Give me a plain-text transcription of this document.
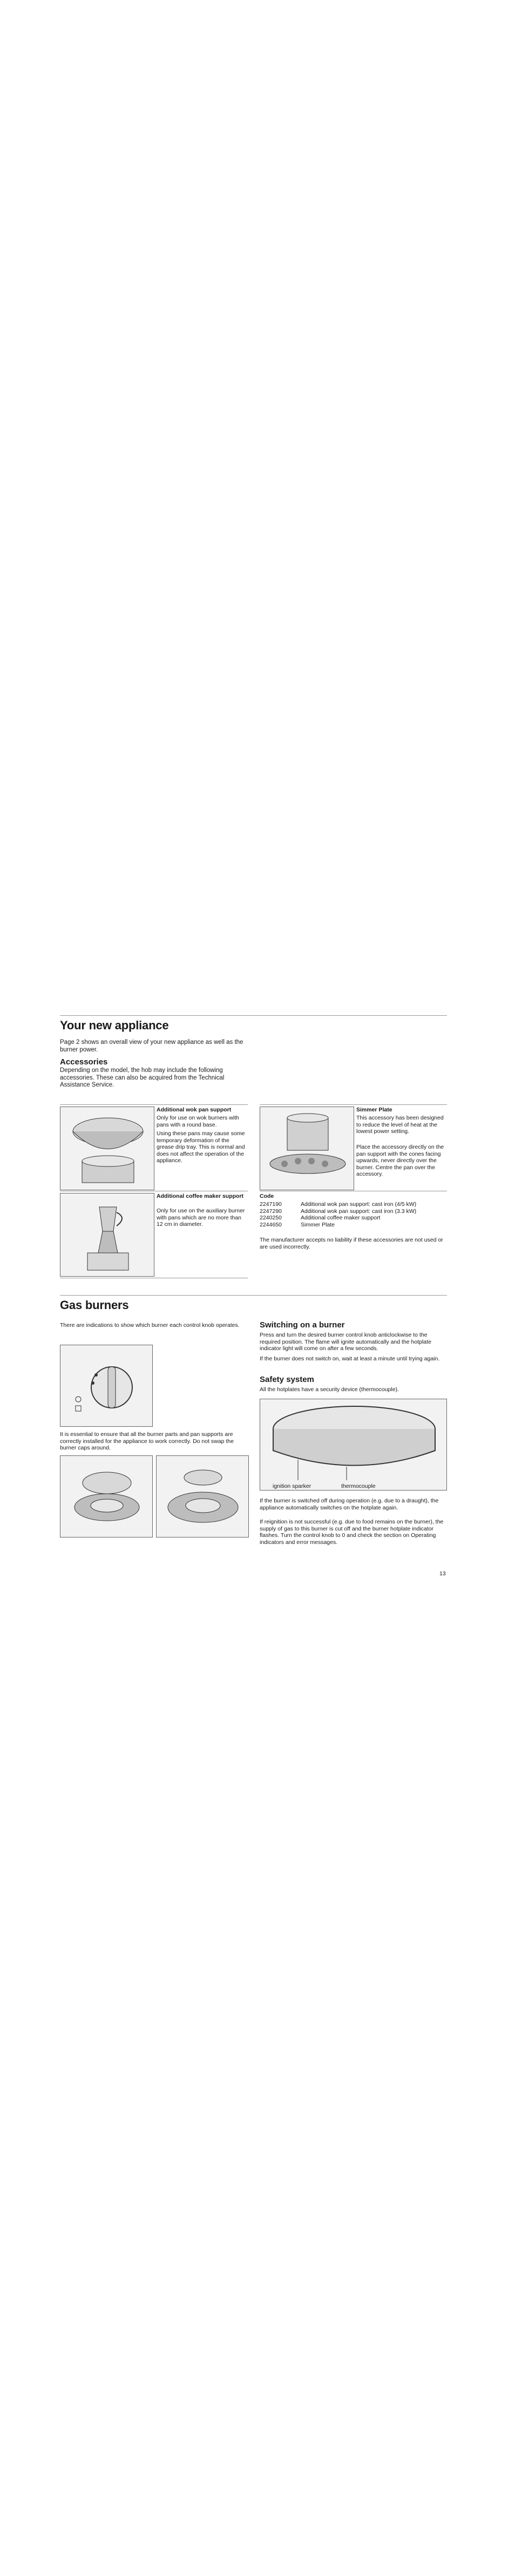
Your new appliance
Page 2 shows an overall view of your new appliance as well as the burner power.
Accessories
Depending on the model, the hob may include the following accessories. These can also be acquired from the Technical Assistance Service.
Additional wok pan support
Only for use on wok burners with pans with a round base.
Using these pans may cause some temporary deformation of the grease drip tray. This is normal and does not affect the operation of the appliance.
Additional coffee maker support
Only for use on the auxiliary burner with pans which are no more than 12 cm in diameter.
Simmer Plate
This accessory has been designed to reduce the level of heat at the lowest power setting.
Place the accessory directly on the pan support with the cones facing upwards, never directly over the burner. Centre the pan over the accessory.
Code
2247190	Additional wok pan support: cast iron (4/5 kW)
2247290	Additional wok pan support: cast iron (3.3 kW)
2240250	Additional coffee maker support
2244650	Simmer Plate
The manufacturer accepts no liability if these accessories are not used or are used incorrectly.
Gas burners
There are indications to show which burner each control knob operates.
It is essential to ensure that all the burner parts and pan supports are correctly installed for the appliance to work correctly. Do not swap the burner caps around.
Switching on a burner
Press and turn the desired burner control knob anticlockwise to the required position. The flame will ignite automatically and the hotplate indicator light will come on after a few seconds.
If the burner does not switch on, wait at least a minute until trying again.
Safety system
All the hotplates have a security device (thermocouple).
ignition sparker	thermocouple
If the burner is switched off during operation (e.g. due to a draught), the appliance automatically switches on the hotplate again.
If reignition is not successful (e.g. due to food remains on the burner), the supply of gas to this burner is cut off and the burner hotplate indicator flashes. Turn the control knob to 0 and check the section on Operating indicators and error messages.
13
